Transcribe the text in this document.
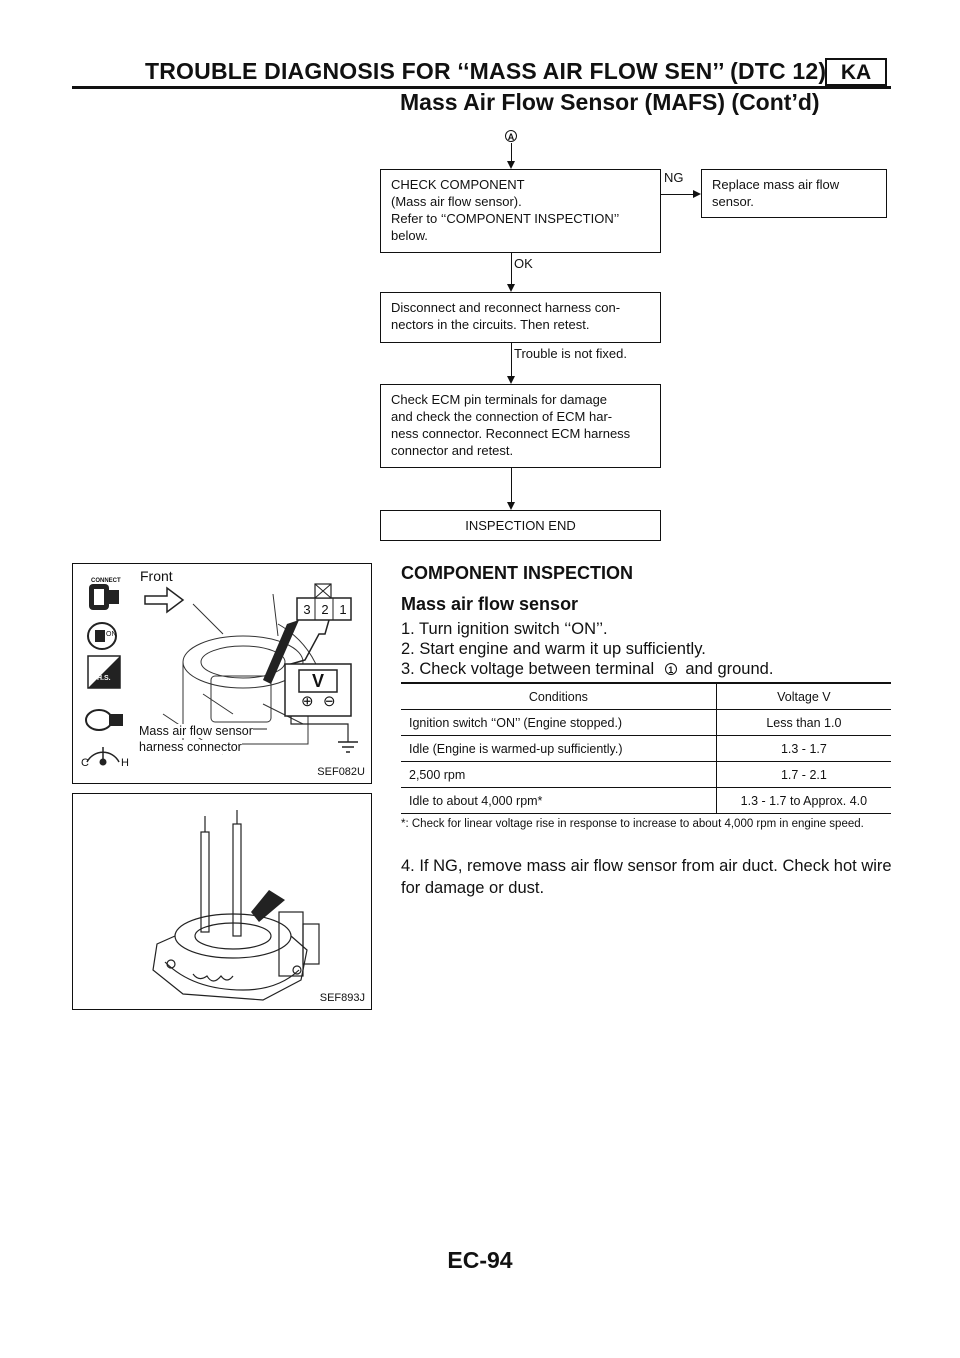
TROUBLE DIAGNOSIS FOR ‘‘MASS AIR FLOW SEN’’ (DTC 12) KA
Mass Air Flow Sensor (MAFS) (Cont’d)
A
CHECK COMPONENT
(Mass air flow sensor).
Refer to ‘‘COMPONENT INSPECTION’’
below.
NG Replace mass air flow
sensor.
OK
Disconnect and reconnect harness con-
nectors in the circuits. Then retest.
Trouble is not fixed.
Check ECM pin terminals for damage
and check the connection of ECM har-
ness connector. Reconnect ECM harness
connector and retest.
INSPECTION END
CONNECT
ON
H.S.
Front
3 2 1
V
⊕ ⊖
Mass air flow sensor
harness connector
C	H
SEF082U
SEF893J
COMPONENT INSPECTION
Mass air flow sensor
1. Turn ignition switch ‘‘ON’’.
2. Start engine and warm it up sufficiently.
3. Check voltage between terminal 1 and ground.
Conditions	Voltage V
Ignition switch ‘‘ON’’ (Engine stopped.)	Less than 1.0
Idle (Engine is warmed-up sufficiently.)	1.3 - 1.7
2,500 rpm	1.7 - 2.1
Idle to about 4,000 rpm*	1.3 - 1.7 to Approx. 4.0
*: Check for linear voltage rise in response to increase to about 4,000 rpm in engine speed.
4. If NG, remove mass air flow sensor from air duct. Check hot wire for damage or dust.
EC-94
